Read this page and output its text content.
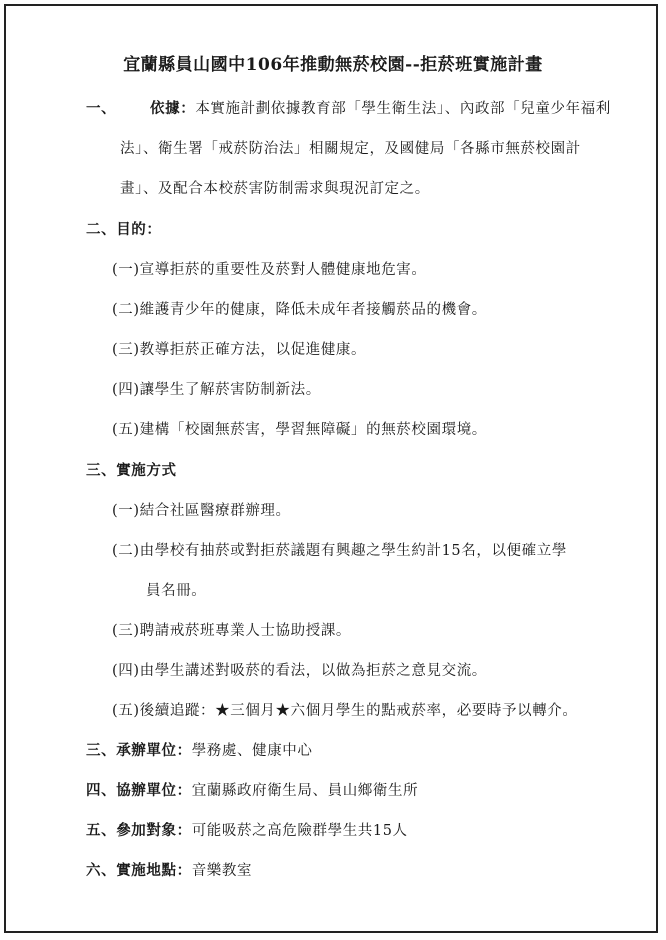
宜蘭縣員山國中106年推動無菸校園--拒菸班實施計畫
一、 依據：本實施計劃依據教育部「學生衛生法」、內政部「兒童少年福利
法」、衛生署「戒菸防治法」相關規定，及國健局「各縣市無菸校園計
畫」、及配合本校菸害防制需求與現況訂定之。
二、目的：
(一)宣導拒菸的重要性及菸對人體健康地危害。
(二)維護青少年的健康，降低未成年者接觸菸品的機會。
(三)教導拒菸正確方法，以促進健康。
(四)讓學生了解菸害防制新法。
(五)建構「校園無菸害，學習無障礙」的無菸校園環境。
三、實施方式
(一)結合社區醫療群辦理。
(二)由學校有抽菸或對拒菸議題有興趣之學生約計15名，以便確立學
員名冊。
(三)聘請戒菸班專業人士協助授課。
(四)由學生講述對吸菸的看法，以做為拒菸之意見交流。
(五)後續追蹤：★三個月★六個月學生的點戒菸率，必要時予以轉介。
三、承辦單位：學務處、健康中心
四、協辦單位：宜蘭縣政府衛生局、員山鄉衛生所
五、參加對象：可能吸菸之高危險群學生共15人
六、實施地點：音樂教室
